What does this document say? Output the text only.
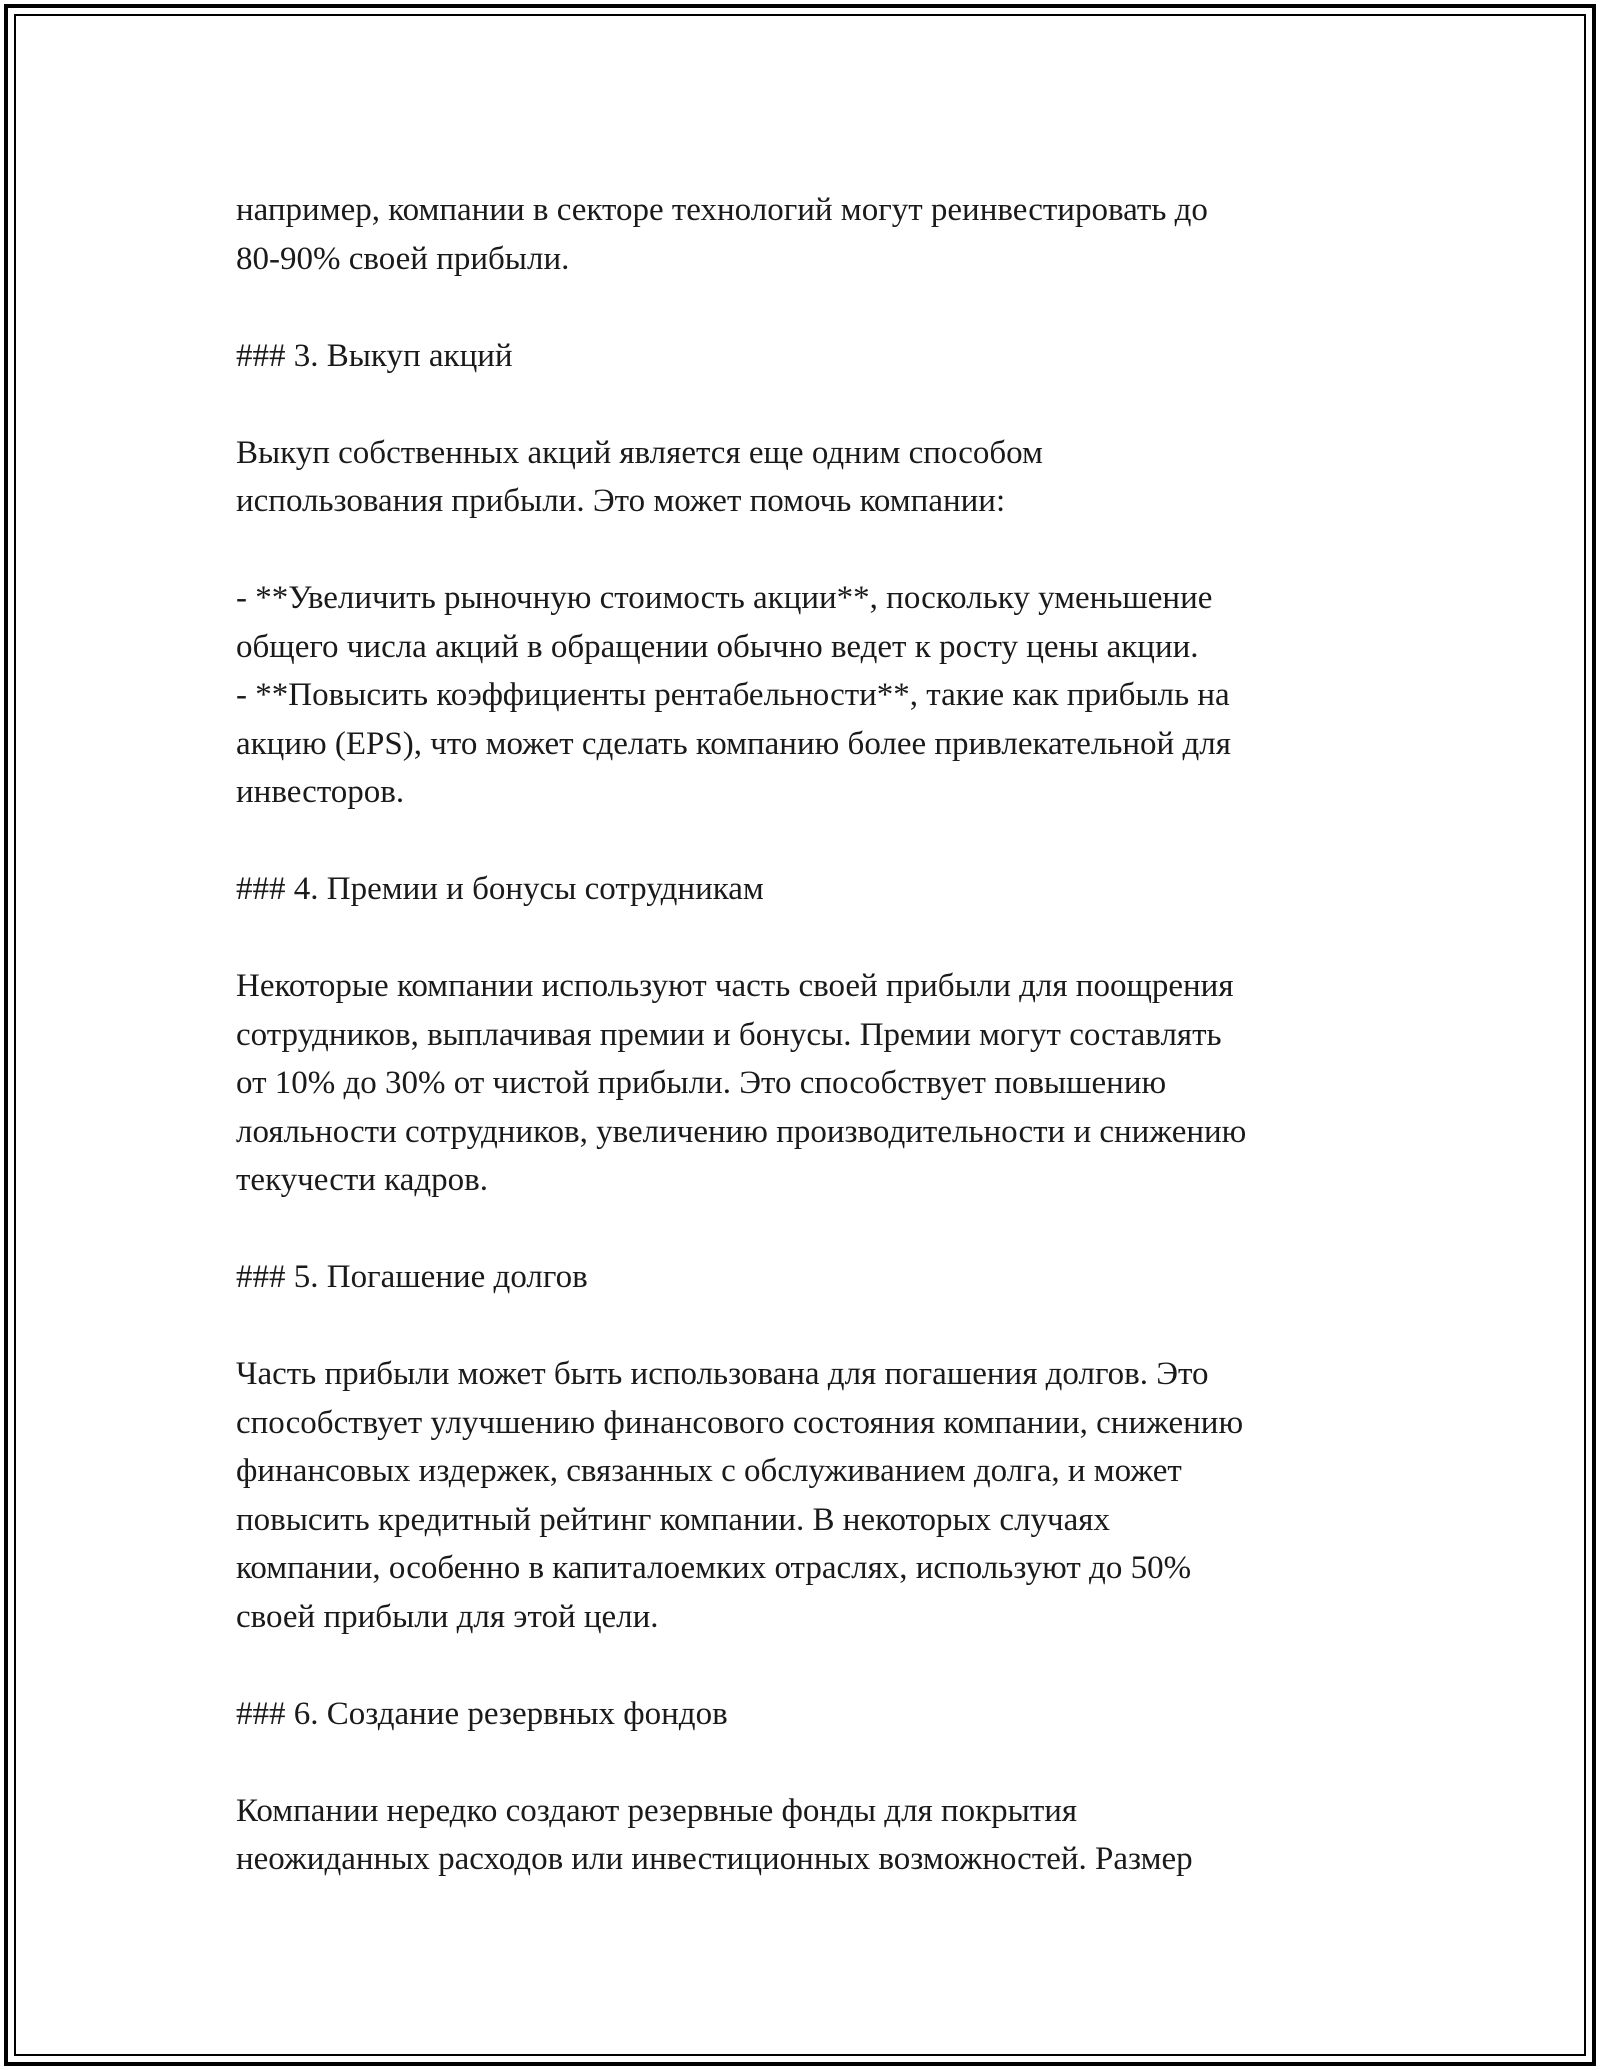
например, компании в секторе технологий могут реинвестировать до
80-90% своей прибыли.
### 3. Выкуп акций
Выкуп собственных акций является еще одним способом
использования прибыли. Это может помочь компании:
- **Увеличить рыночную стоимость акции**, поскольку уменьшение
общего числа акций в обращении обычно ведет к росту цены акции.
- **Повысить коэффициенты рентабельности**, такие как прибыль на
акцию (EPS), что может сделать компанию более привлекательной для
инвесторов.
### 4. Премии и бонусы сотрудникам
Некоторые компании используют часть своей прибыли для поощрения
сотрудников, выплачивая премии и бонусы. Премии могут составлять
от 10% до 30% от чистой прибыли. Это способствует повышению
лояльности сотрудников, увеличению производительности и снижению
текучести кадров.
### 5. Погашение долгов
Часть прибыли может быть использована для погашения долгов. Это
способствует улучшению финансового состояния компании, снижению
финансовых издержек, связанных с обслуживанием долга, и может
повысить кредитный рейтинг компании. В некоторых случаях
компании, особенно в капиталоемких отраслях, используют до 50%
своей прибыли для этой цели.
### 6. Создание резервных фондов
Компании нередко создают резервные фонды для покрытия
неожиданных расходов или инвестиционных возможностей. Размер
